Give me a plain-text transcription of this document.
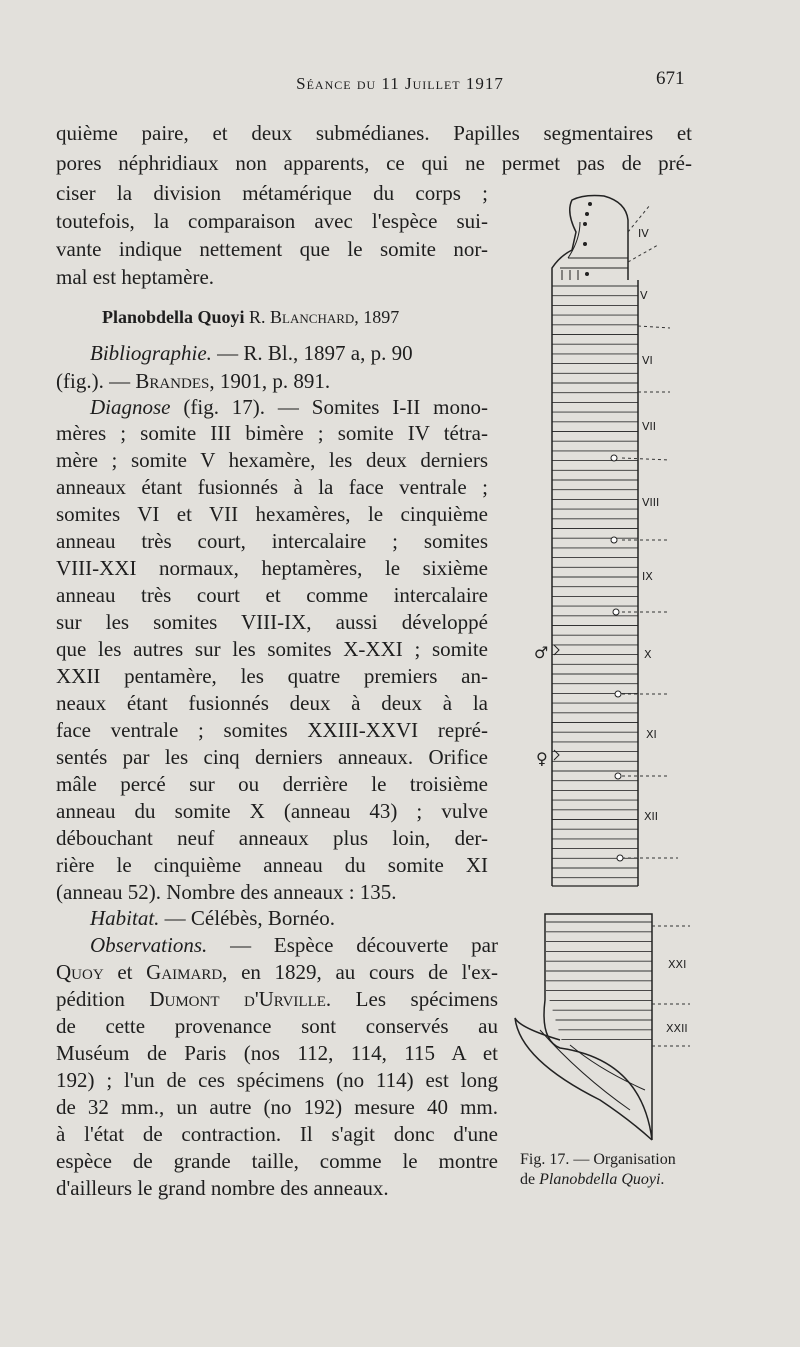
Séance du 11 Juillet 1917	671
quième paire, et deux submédianes. Papilles segmentaires et
pores néphridiaux non apparents, ce qui ne permet pas de pré-
ciser la division métamérique du corps ;
toutefois, la comparaison avec l'espèce sui-
vante indique nettement que le somite nor-
mal est heptamère.
Planobdella Quoyi R. Blanchard, 1897
Bibliographie. — R. Bl., 1897 a, p. 90
(fig.). — Brandes, 1901, p. 891.
Diagnose (fig. 17). — Somites I-II mono-
mères ; somite III bimère ; somite IV tétra-
mère ; somite V hexamère, les deux derniers
anneaux étant fusionnés à la face ventrale ;
somites VI et VII hexamères, le cinquième
anneau très court, intercalaire ; somites
VIII-XXI normaux, heptamères, le sixième
anneau très court et comme intercalaire
sur les somites VIII-IX, aussi développé
que les autres sur les somites X-XXI ; somite
XXII pentamère, les quatre premiers an-
neaux étant fusionnés deux à deux à la
face ventrale ; somites XXIII-XXVI repré-
sentés par les cinq derniers anneaux. Orifice
mâle percé sur ou derrière le troisième
anneau du somite X (anneau 43) ; vulve
débouchant neuf anneaux plus loin, der-
rière le cinquième anneau du somite XI
(anneau 52). Nombre des anneaux : 135.
Habitat. — Célébès, Bornéo.
Observations. — Espèce découverte par
Quoy et Gaimard, en 1829, au cours de l'ex-
pédition Dumont d'Urville. Les spécimens
de cette provenance sont conservés au
Muséum de Paris (nos 112, 114, 115 A et
192) ; l'un de ces spécimens (no 114) est long
de 32 mm., un autre (no 192) mesure 40 mm.
à l'état de contraction. Il s'agit donc d'une
espèce de grande taille, comme le montre
d'ailleurs le grand nombre des anneaux.
IV
V
VI
VII
VIII
IX
X
XI
XII
XXI
XXII
♂
♀
Fig. 17. — Organisation
de Planobdella Quoyi.
